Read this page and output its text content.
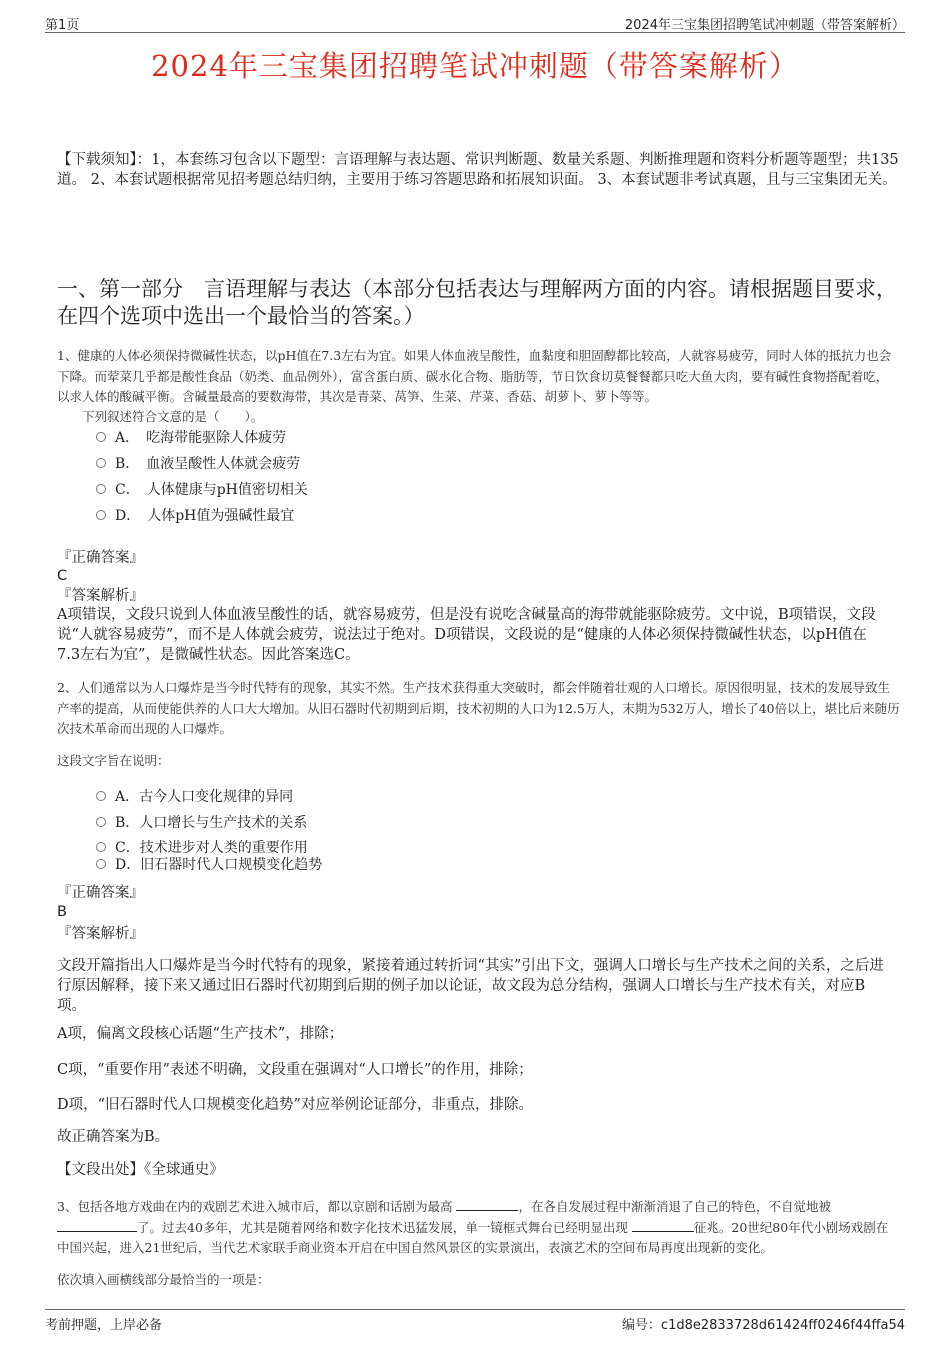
第1页	2024年三宝集团招聘笔试冲刺题（带答案解析）
2024年三宝集团招聘笔试冲刺题（带答案解析）
【下载须知】：1，本套练习包含以下题型：言语理解与表达题、常识判断题、数量关系题、判断推理题和资料分析题等题型；共135道。 2、本套试题根据常见招考题总结归纳，主要用于练习答题思路和拓展知识面。 3、本套试题非考试真题，且与三宝集团无关。
一、第一部分　言语理解与表达（本部分包括表达与理解两方面的内容。请根据题目要求，在四个选项中选出一个最恰当的答案。）
1、健康的人体必须保持微碱性状态，以pH值在7.3左右为宜。如果人体血液呈酸性，血黏度和胆固醇都比较高，人就容易疲劳，同时人体的抵抗力也会下降。而荤菜几乎都是酸性食品（奶类、血品例外），富含蛋白质、碳水化合物、脂肪等，节日饮食切莫餐餐都只吃大鱼大肉，要有碱性食物搭配着吃，以求人体的酸碱平衡。含碱量最高的要数海带，其次是青菜、莴笋、生菜、芹菜、香菇、胡萝卜、萝卜等等。
下列叙述符合文意的是（　　）。
A．　吃海带能驱除人体疲劳
B．　血液呈酸性人体就会疲劳
C．　人体健康与pH值密切相关
D．　人体pH值为强碱性最宜
『正确答案』
C
『答案解析』
A项错误，文段只说到人体血液呈酸性的话，就容易疲劳，但是没有说吃含碱量高的海带就能驱除疲劳。文中说，B项错误，文段说“人就容易疲劳”，而不是人体就会疲劳，说法过于绝对。D项错误，文段说的是“健康的人体必须保持微碱性状态，以pH值在7.3左右为宜”，是微碱性状态。因此答案选C。
2、人们通常以为人口爆炸是当今时代特有的现象，其实不然。生产技术获得重大突破时，都会伴随着壮观的人口增长。原因很明显，技术的发展导致生产率的提高，从而使能供养的人口大大增加。从旧石器时代初期到后期，技术初期的人口为12.5万人，末期为532万人，增长了40倍以上，堪比后来随历次技术革命而出现的人口爆炸。
这段文字旨在说明：
A．古今人口变化规律的异同
B．人口增长与生产技术的关系
C．技术进步对人类的重要作用
D．旧石器时代人口规模变化趋势
『正确答案』
B
『答案解析』
文段开篇指出人口爆炸是当今时代特有的现象，紧接着通过转折词“其实”引出下文，强调人口增长与生产技术之间的关系，之后进行原因解释，接下来又通过旧石器时代初期到后期的例子加以论证，故文段为总分结构，强调人口增长与生产技术有关，对应B项。
A项，偏离文段核心话题“生产技术”，排除；
C项，“重要作用”表述不明确，文段重在强调对“人口增长”的作用，排除；
D项，“旧石器时代人口规模变化趋势”对应举例论证部分，非重点，排除。
故正确答案为B。
【文段出处】《全球通史》
3、包括各地方戏曲在内的戏剧艺术进入城市后，都以京剧和话剧为最高	，在各自发展过程中渐渐消退了自己的特色，不自觉地被了。过去40多年，尤其是随着网络和数字化技术迅猛发展，单一镜框式舞台已经明显出现	征兆。20世纪80年代小剧场戏剧在中国兴起，进入21世纪后，当代艺术家联手商业资本开启在中国自然风景区的实景演出，表演艺术的空间布局再度出现新的变化。
依次填入画横线部分最恰当的一项是：
考前押题，上岸必备	编号：c1d8e2833728d61424ff0246f44ffa54
